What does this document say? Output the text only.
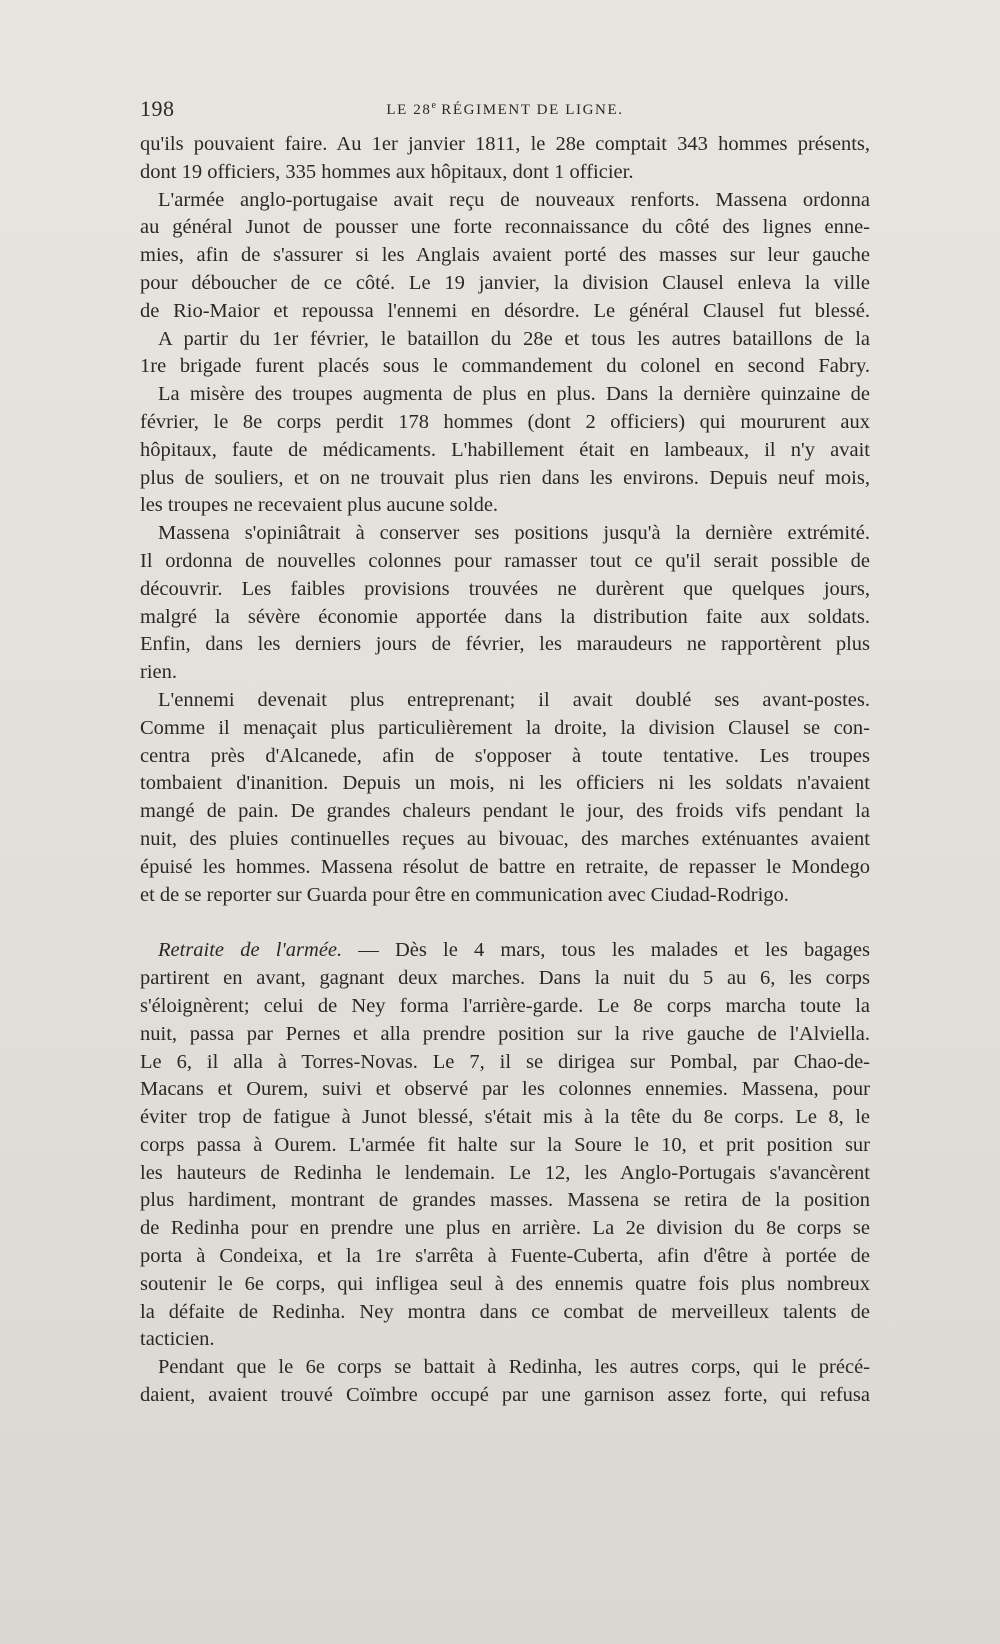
198	LE 28e RÉGIMENT DE LIGNE.
qu'ils pouvaient faire. Au 1er janvier 1811, le 28e comptait 343 hommes présents,
dont 19 officiers, 335 hommes aux hôpitaux, dont 1 officier.
L'armée anglo-portugaise avait reçu de nouveaux renforts. Massena ordonna
au général Junot de pousser une forte reconnaissance du côté des lignes enne-
mies, afin de s'assurer si les Anglais avaient porté des masses sur leur gauche
pour déboucher de ce côté. Le 19 janvier, la division Clausel enleva la ville
de Rio-Maior et repoussa l'ennemi en désordre. Le général Clausel fut blessé.
A partir du 1er février, le bataillon du 28e et tous les autres bataillons de la
1re brigade furent placés sous le commandement du colonel en second Fabry.
La misère des troupes augmenta de plus en plus. Dans la dernière quinzaine de
février, le 8e corps perdit 178 hommes (dont 2 officiers) qui moururent aux
hôpitaux, faute de médicaments. L'habillement était en lambeaux, il n'y avait
plus de souliers, et on ne trouvait plus rien dans les environs. Depuis neuf mois,
les troupes ne recevaient plus aucune solde.
Massena s'opiniâtrait à conserver ses positions jusqu'à la dernière extrémité.
Il ordonna de nouvelles colonnes pour ramasser tout ce qu'il serait possible de
découvrir. Les faibles provisions trouvées ne durèrent que quelques jours,
malgré la sévère économie apportée dans la distribution faite aux soldats.
Enfin, dans les derniers jours de février, les maraudeurs ne rapportèrent plus
rien.
L'ennemi devenait plus entreprenant; il avait doublé ses avant-postes.
Comme il menaçait plus particulièrement la droite, la division Clausel se con-
centra près d'Alcanede, afin de s'opposer à toute tentative. Les troupes
tombaient d'inanition. Depuis un mois, ni les officiers ni les soldats n'avaient
mangé de pain. De grandes chaleurs pendant le jour, des froids vifs pendant la
nuit, des pluies continuelles reçues au bivouac, des marches exténuantes avaient
épuisé les hommes. Massena résolut de battre en retraite, de repasser le Mondego
et de se reporter sur Guarda pour être en communication avec Ciudad-Rodrigo.
Retraite de l'armée. — Dès le 4 mars, tous les malades et les bagages
partirent en avant, gagnant deux marches. Dans la nuit du 5 au 6, les corps
s'éloignèrent; celui de Ney forma l'arrière-garde. Le 8e corps marcha toute la
nuit, passa par Pernes et alla prendre position sur la rive gauche de l'Alviella.
Le 6, il alla à Torres-Novas. Le 7, il se dirigea sur Pombal, par Chao-de-
Macans et Ourem, suivi et observé par les colonnes ennemies. Massena, pour
éviter trop de fatigue à Junot blessé, s'était mis à la tête du 8e corps. Le 8, le
corps passa à Ourem. L'armée fit halte sur la Soure le 10, et prit position sur
les hauteurs de Redinha le lendemain. Le 12, les Anglo-Portugais s'avancèrent
plus hardiment, montrant de grandes masses. Massena se retira de la position
de Redinha pour en prendre une plus en arrière. La 2e division du 8e corps se
porta à Condeixa, et la 1re s'arrêta à Fuente-Cuberta, afin d'être à portée de
soutenir le 6e corps, qui infligea seul à des ennemis quatre fois plus nombreux
la défaite de Redinha. Ney montra dans ce combat de merveilleux talents de
tacticien.
Pendant que le 6e corps se battait à Redinha, les autres corps, qui le précé-
daient, avaient trouvé Coïmbre occupé par une garnison assez forte, qui refusa
